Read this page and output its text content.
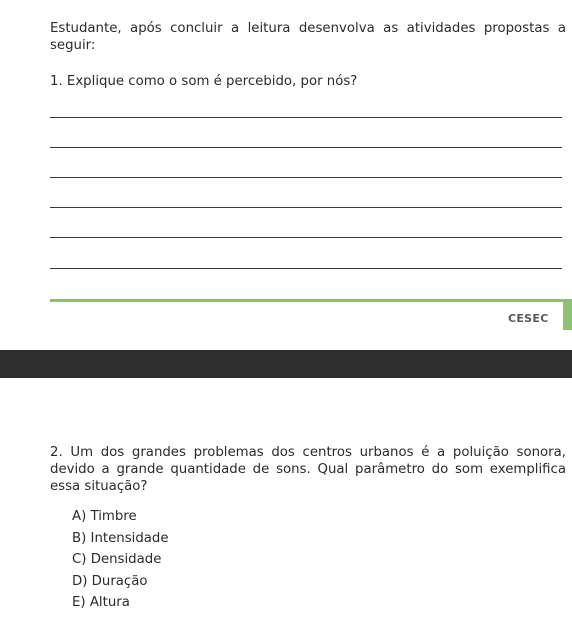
Estudante, após concluir a leitura desenvolva as atividades propostas a seguir:
1. Explique como o som é percebido, por nós?
CESEC
2. Um dos grandes problemas dos centros urbanos é a poluição sonora, devido a grande quantidade de sons. Qual parâmetro do som exemplifica essa situação?
A) Timbre
B) Intensidade
C) Densidade
D) Duração
E) Altura
